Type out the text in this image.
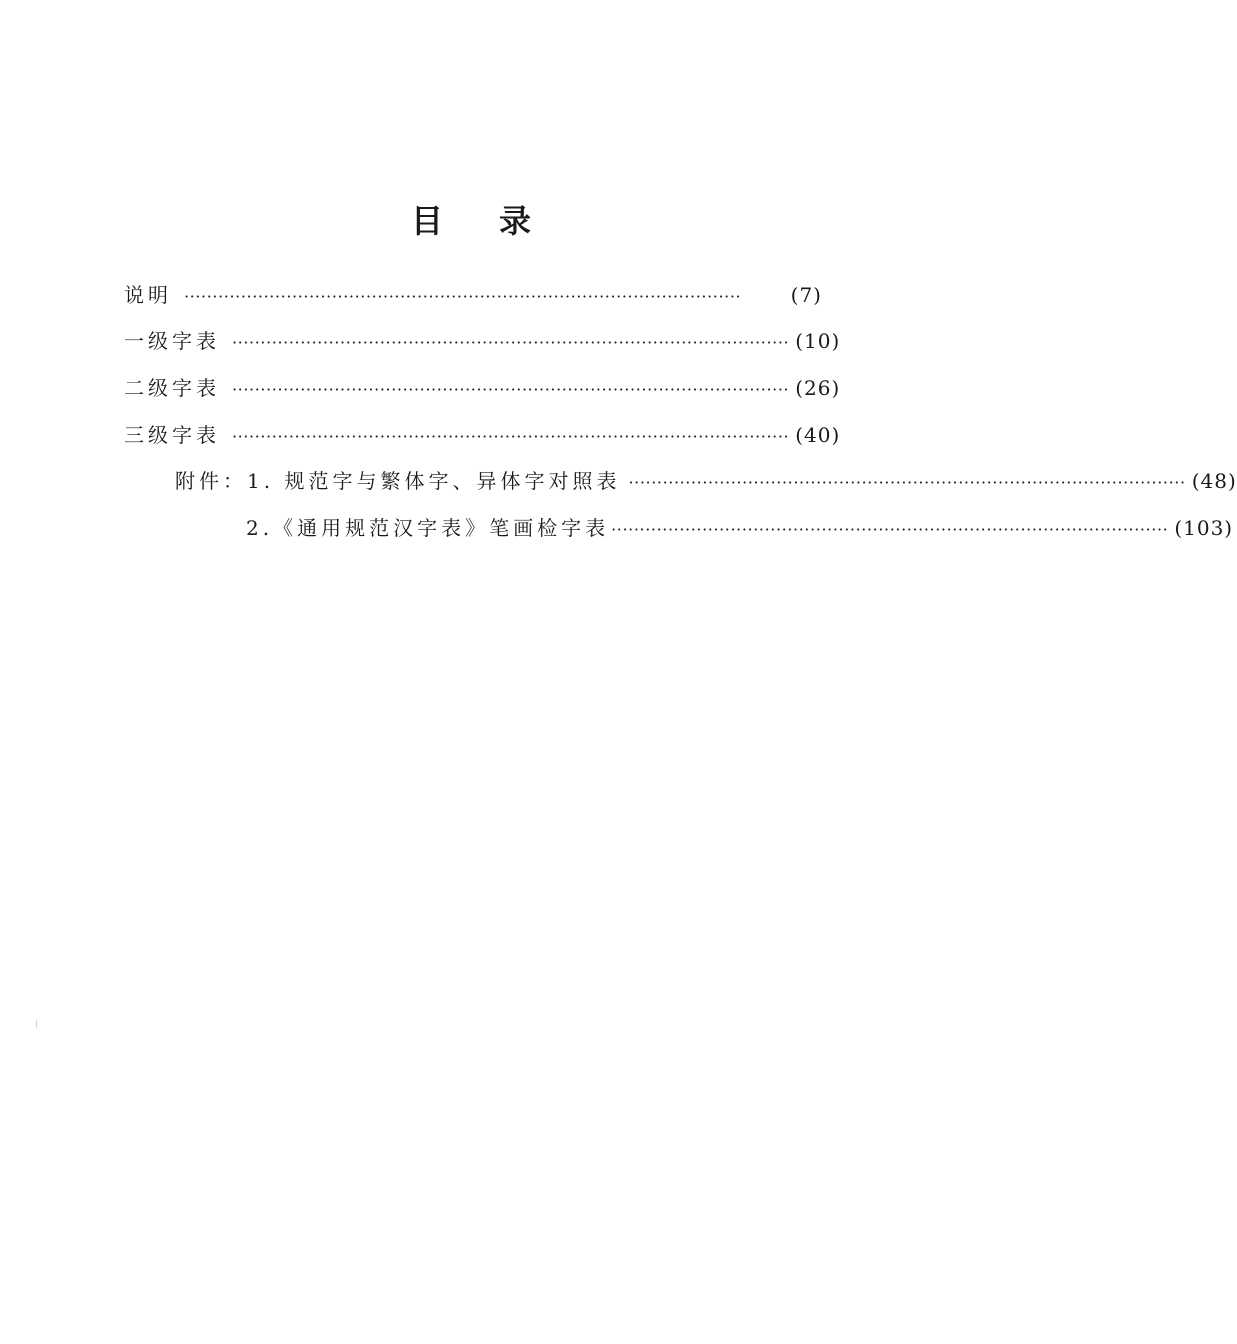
目录
说明 ··································································································	(7)
一级字表 ·································································································· (10)
二级字表 ·································································································· (26)
三级字表 ·································································································· (40)
附件：1. 规范字与繁体字、异体字对照表 ·································································································· (48)
2.《通用规范汉字表》笔画检字表 ·································································································· (103)
